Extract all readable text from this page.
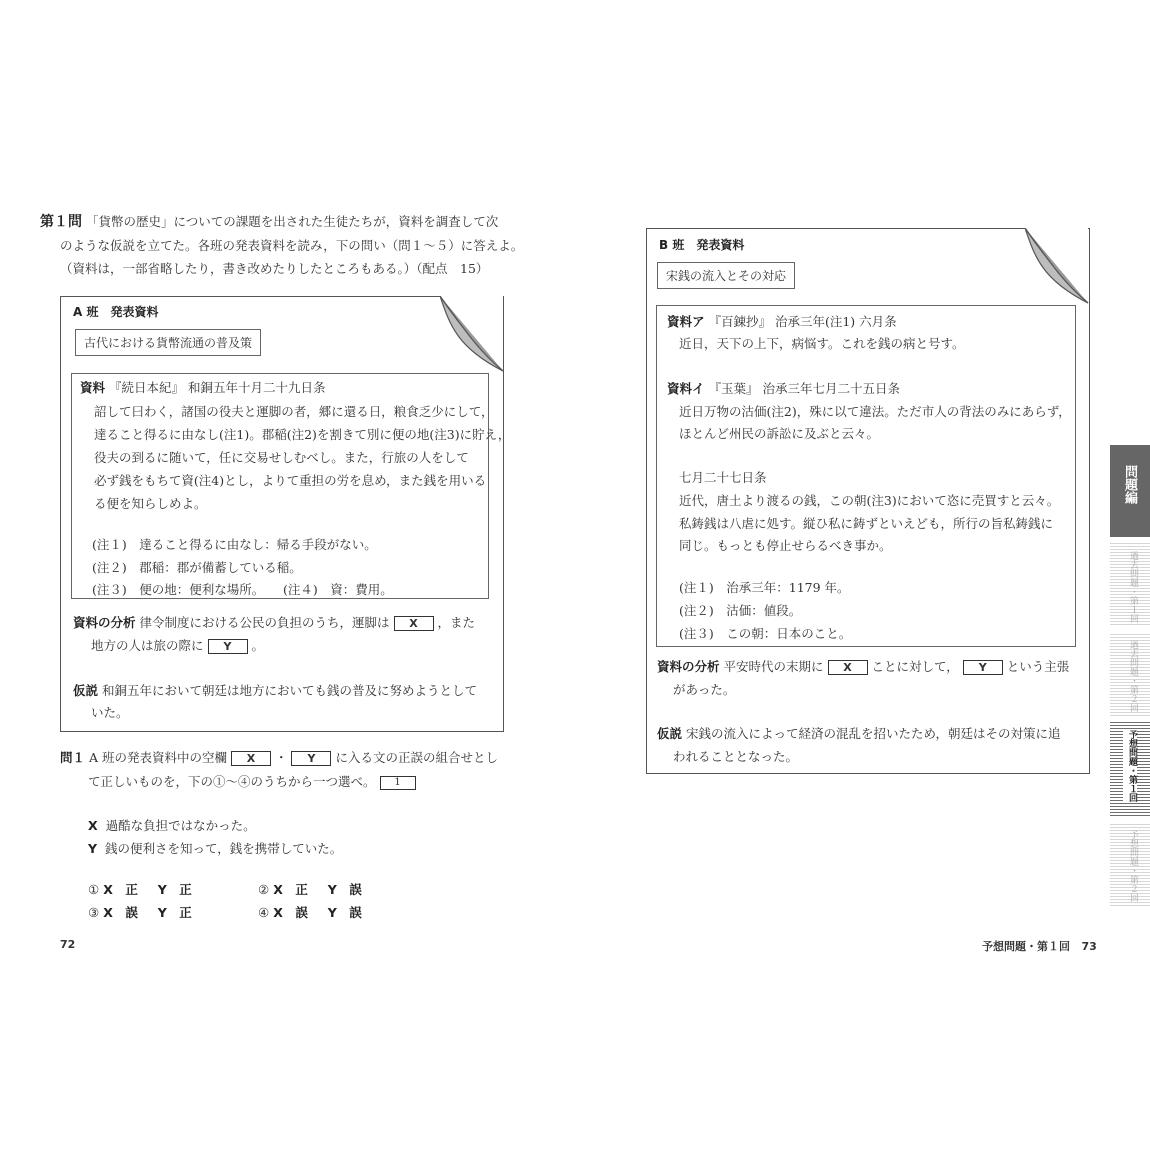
第１問 「貨幣の歴史」についての課題を出された生徒たちが，資料を調査して次
のような仮説を立てた。各班の発表資料を読み，下の問い（問１～５）に答えよ。
（資料は，一部省略したり，書き改めたりしたところもある。）（配点　15）
A 班　発表資料
古代における貨幣流通の普及策
資料 『続日本紀』 和銅五年十月二十九日条
詔して曰わく，諸国の役夫と運脚の者，郷に還る日，粮食乏少にして，
達ること得るに由なし(注1)。郡稲(注2)を割きて別に便の地(注3)に貯え，
役夫の到るに随いて，任に交易せしむべし。また，行旅の人をして
必ず銭をもちて資(注4)とし，よりて重担の労を息め，また銭を用いる
る便を知らしめよ。
(注１)　達ること得るに由なし：帰る手段がない。
(注２)　郡稲：郡が備蓄している稲。
(注３)　便の地：便利な場所。　　(注４)　資：費用。
資料の分析 律令制度における公民の負担のうち，運脚は X ，また
地方の人は旅の際に Y 。
仮説 和銅五年において朝廷は地方においても銭の普及に努めようとして
いた。
問１ A 班の発表資料中の空欄 X ・ Y に入る文の正誤の組合せとし
て正しいものを，下の①～④のうちから一つ選べ。 1
X 過酷な負担ではなかった。
Y 銭の便利さを知って，銭を携帯していた。
① X　正 Y　正	② X　正 Y　誤
③ X　誤 Y　正	④ X　誤 Y　誤
72
B 班　発表資料
宋銭の流入とその対応
資料ア 『百錬抄』 治承三年(注1) 六月条
近日，天下の上下，病悩す。これを銭の病と号す。
資料イ 『玉葉』 治承三年七月二十五日条
近日万物の沽価(注2)，殊に以て違法。ただ市人の背法のみにあらず，
ほとんど州民の訴訟に及ぶと云々。
七月二十七日条
近代，唐土より渡るの銭，この朝(注3)において恣に売買すと云々。
私鋳銭は八虐に処す。縦ひ私に鋳ずといえども，所行の旨私鋳銭に
同じ。もっとも停止せらるべき事か。
(注１)　治承三年：1179 年。
(注２)　沽価：値段。
(注３)　この朝：日本のこと。
資料の分析 平安時代の末期に X ことに対して， Y という主張
があった。
仮説 宋銭の流入によって経済の混乱を招いたため，朝廷はその対策に追
われることとなった。
予想問題・第１回 73
問題編
過去問題・第１回
過去問題・第２回
予想問題・第１回
予想問題・第２回
